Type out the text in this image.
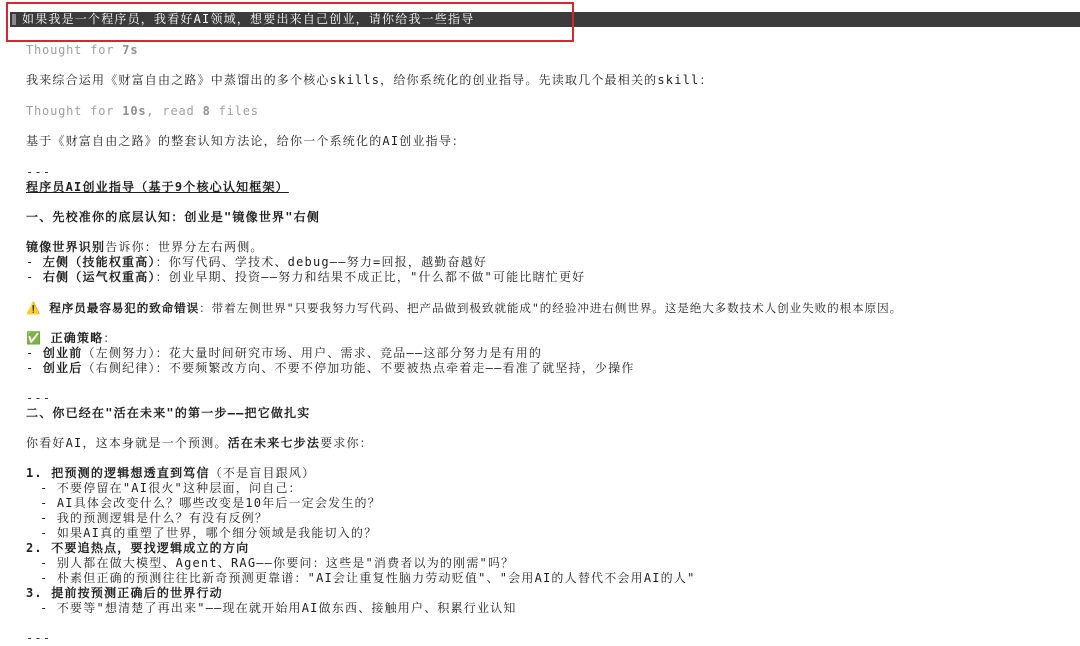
如果我是一个程序员，我看好AI领域，想要出来自己创业，请你给我一些指导
Thought for 7s
我来综合运用《财富自由之路》中蒸馏出的多个核心skills，给你系统化的创业指导。先读取几个最相关的skill：
Thought for 10s, read 8 files
基于《财富自由之路》的整套认知方法论，给你一个系统化的AI创业指导：
---
程序员AI创业指导（基于9个核心认知框架）
一、先校准你的底层认知：创业是"镜像世界"右侧
镜像世界识别告诉你：世界分左右两侧。
- 左侧（技能权重高）：你写代码、学技术、debug——努力=回报，越勤奋越好
- 右侧（运气权重高）：创业早期、投资——努力和结果不成正比，"什么都不做"可能比瞎忙更好
⚠️ 程序员最容易犯的致命错误：带着左侧世界"只要我努力写代码、把产品做到极致就能成"的经验冲进右侧世界。这是绝大多数技术人创业失败的根本原因。
✅ 正确策略：
- 创业前（左侧努力）：花大量时间研究市场、用户、需求、竞品——这部分努力是有用的
- 创业后（右侧纪律）：不要频繁改方向、不要不停加功能、不要被热点牵着走——看准了就坚持，少操作
---
二、你已经在"活在未来"的第一步——把它做扎实
你看好AI，这本身就是一个预测。活在未来七步法要求你：
1. 把预测的逻辑想透直到笃信（不是盲目跟风）
- 不要停留在"AI很火"这种层面，问自己：
- AI具体会改变什么？哪些改变是10年后一定会发生的？
- 我的预测逻辑是什么？有没有反例？
- 如果AI真的重塑了世界，哪个细分领域是我能切入的？
2. 不要追热点，要找逻辑成立的方向
- 别人都在做大模型、Agent、RAG——你要问：这些是"消费者以为的刚需"吗？
- 朴素但正确的预测往往比新奇预测更靠谱："AI会让重复性脑力劳动贬值"、"会用AI的人替代不会用AI的人"
3. 提前按预测正确后的世界行动
- 不要等"想清楚了再出来"——现在就开始用AI做东西、接触用户、积累行业认知
---
